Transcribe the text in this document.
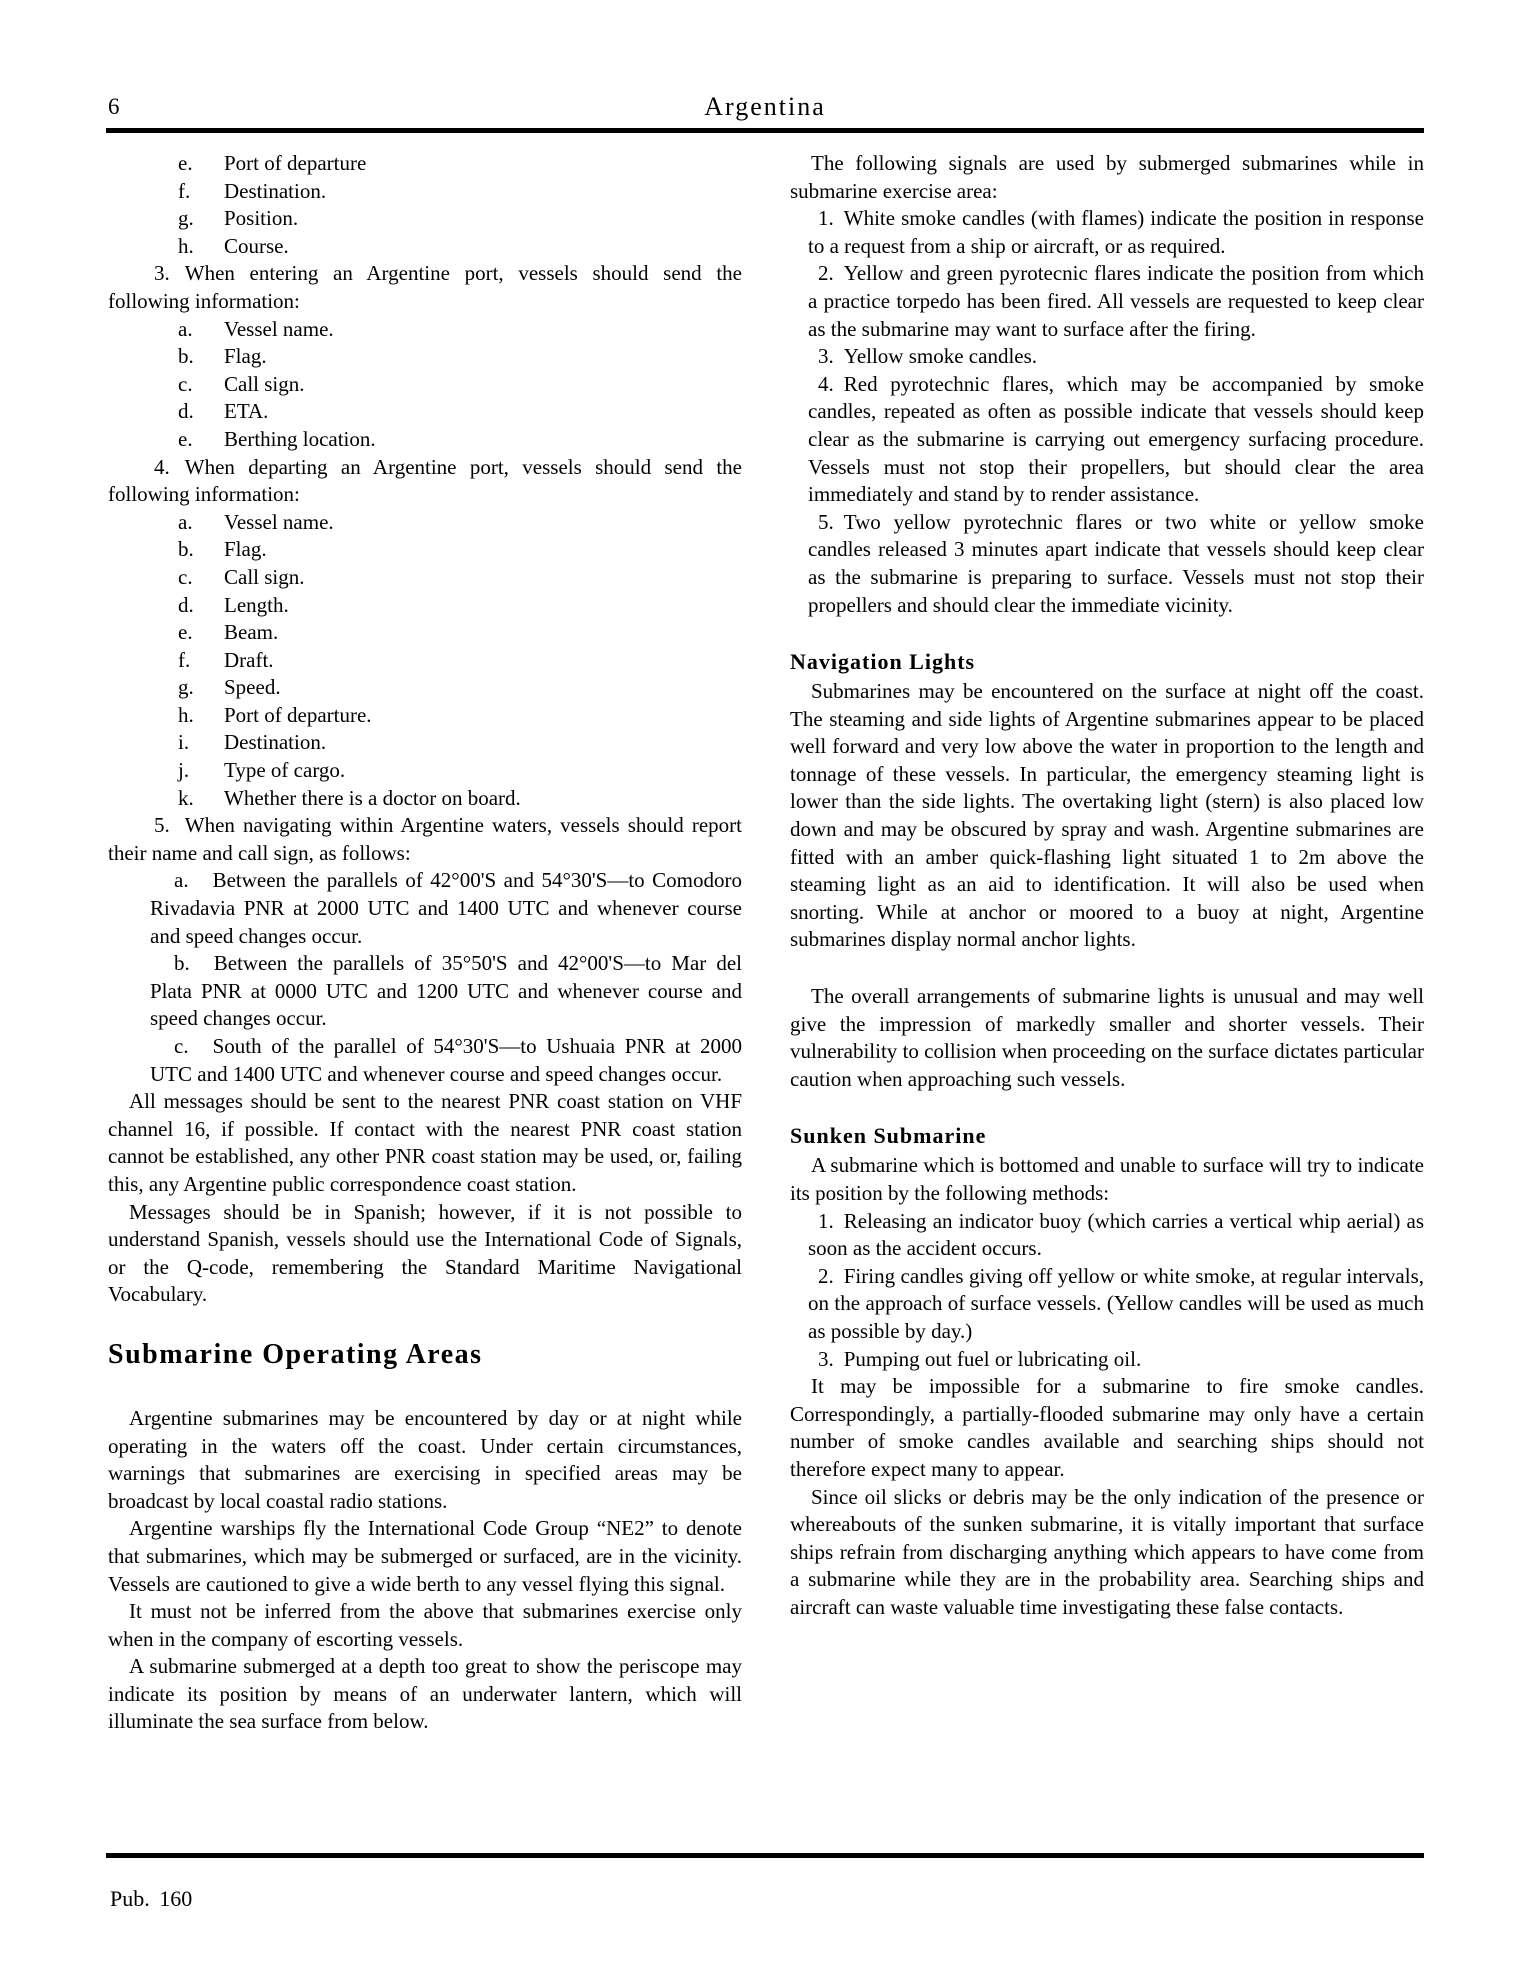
6	Argentina
e. Port of departure
f. Destination.
g. Position.
h. Course.

3. When entering an Argentine port, vessels should send the following information:

a. Vessel name.
b. Flag.
c. Call sign.
d. ETA.
e. Berthing location.

4. When departing an Argentine port, vessels should send the following information:

a. Vessel name.
b. Flag.
c. Call sign.
d. Length.
e. Beam.
f. Draft.
g. Speed.
h. Port of departure.
i. Destination.
j. Type of cargo.
k. Whether there is a doctor on board.

5. When navigating within Argentine waters, vessels should report their name and call sign, as follows:

a. Between the parallels of 42°00'S and 54°30'S—to Comodoro Rivadavia PNR at 2000 UTC and 1400 UTC and whenever course and speed changes occur.

b. Between the parallels of 35°50'S and 42°00'S—to Mar del Plata PNR at 0000 UTC and 1200 UTC and whenever course and speed changes occur.

c. South of the parallel of 54°30'S—to Ushuaia PNR at 2000 UTC and 1400 UTC and whenever course and speed changes occur.

All messages should be sent to the nearest PNR coast station on VHF channel 16, if possible. If contact with the nearest PNR coast station cannot be established, any other PNR coast station may be used, or, failing this, any Argentine public correspondence coast station.

Messages should be in Spanish; however, if it is not possible to understand Spanish, vessels should use the International Code of Signals, or the Q-code, remembering the Standard Maritime Navigational Vocabulary.

Submarine Operating Areas

Argentine submarines may be encountered by day or at night while operating in the waters off the coast. Under certain circumstances, warnings that submarines are exercising in specified areas may be broadcast by local coastal radio stations.

Argentine warships fly the International Code Group “NE2” to denote that submarines, which may be submerged or surfaced, are in the vicinity. Vessels are cautioned to give a wide berth to any vessel flying this signal.

It must not be inferred from the above that submarines exercise only when in the company of escorting vessels.

A submarine submerged at a depth too great to show the periscope may indicate its position by means of an underwater lantern, which will illuminate the sea surface from below.

The following signals are used by submerged submarines while in submarine exercise area:

1. White smoke candles (with flames) indicate the position in response to a request from a ship or aircraft, or as required.

2. Yellow and green pyrotecnic flares indicate the position from which a practice torpedo has been fired. All vessels are requested to keep clear as the submarine may want to surface after the firing.

3. Yellow smoke candles.

4. Red pyrotechnic flares, which may be accompanied by smoke candles, repeated as often as possible indicate that vessels should keep clear as the submarine is carrying out emergency surfacing procedure. Vessels must not stop their propellers, but should clear the area immediately and stand by to render assistance.

5. Two yellow pyrotechnic flares or two white or yellow smoke candles released 3 minutes apart indicate that vessels should keep clear as the submarine is preparing to surface. Vessels must not stop their propellers and should clear the immediate vicinity.

Navigation Lights

Submarines may be encountered on the surface at night off the coast. The steaming and side lights of Argentine submarines appear to be placed well forward and very low above the water in proportion to the length and tonnage of these vessels. In particular, the emergency steaming light is lower than the side lights. The overtaking light (stern) is also placed low down and may be obscured by spray and wash. Argentine submarines are fitted with an amber quick-flashing light situated 1 to 2m above the steaming light as an aid to identification. It will also be used when snorting. While at anchor or moored to a buoy at night, Argentine submarines display normal anchor lights.

The overall arrangements of submarine lights is unusual and may well give the impression of markedly smaller and shorter vessels. Their vulnerability to collision when proceeding on the surface dictates particular caution when approaching such vessels.

Sunken Submarine

A submarine which is bottomed and unable to surface will try to indicate its position by the following methods:

1. Releasing an indicator buoy (which carries a vertical whip aerial) as soon as the accident occurs.

2. Firing candles giving off yellow or white smoke, at regular intervals, on the approach of surface vessels. (Yellow candles will be used as much as possible by day.)

3. Pumping out fuel or lubricating oil.

It may be impossible for a submarine to fire smoke candles. Correspondingly, a partially-flooded submarine may only have a certain number of smoke candles available and searching ships should not therefore expect many to appear.

Since oil slicks or debris may be the only indication of the presence or whereabouts of the sunken submarine, it is vitally important that surface ships refrain from discharging anything which appears to have come from a submarine while they are in the probability area. Searching ships and aircraft can waste valuable time investigating these false contacts.

Pub. 160
